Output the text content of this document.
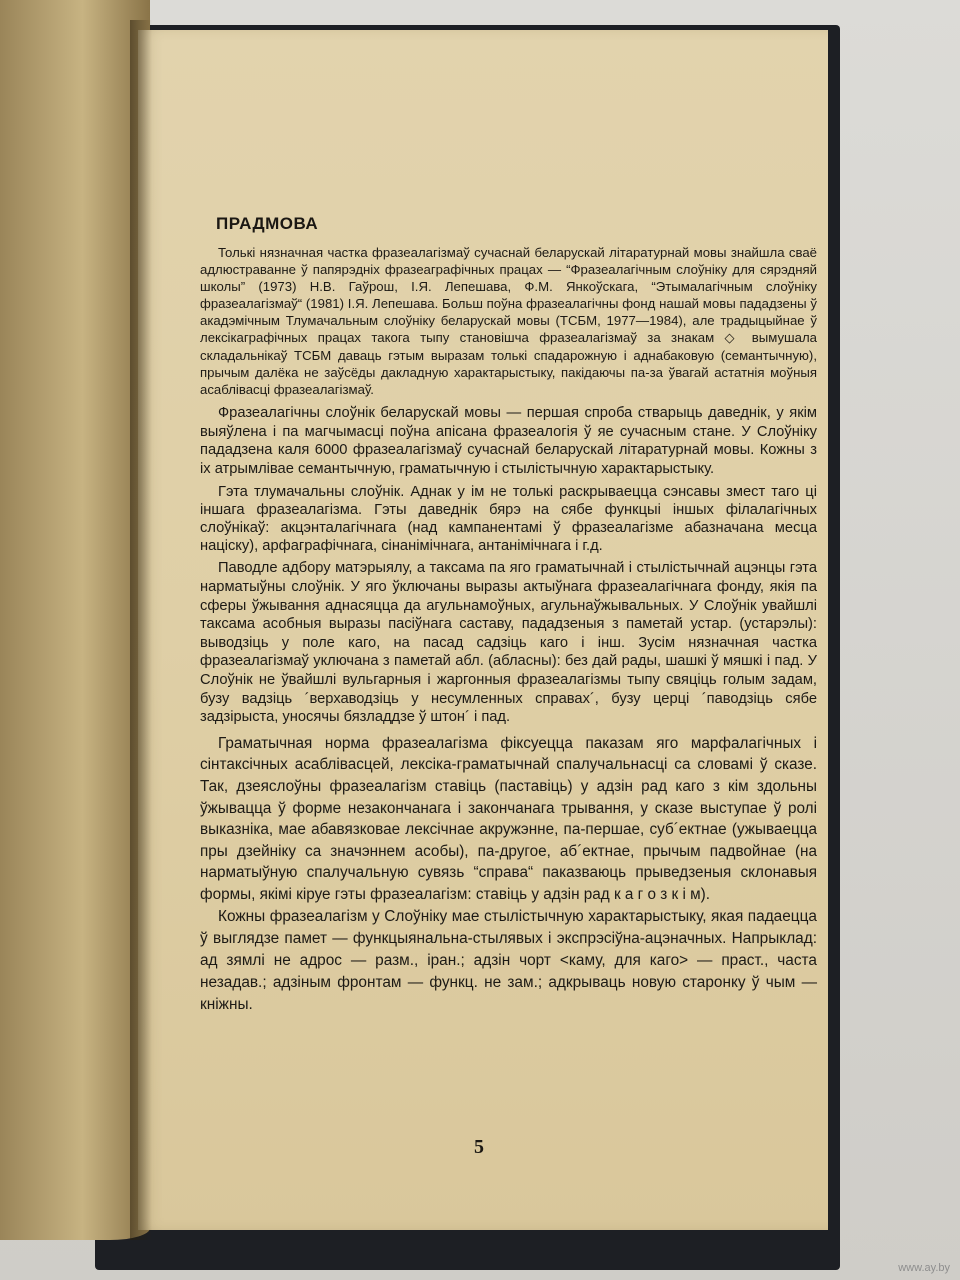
ПРАДМОВА

Толькі нязначная частка фразеалагізмаў сучаснай беларускай літаратурнай мовы знайшла сваё адлюстраванне ў папярэдніх фразеаграфічных працах — “Фразеалагічным слоўніку для сярэдняй школы” (1973) Н.В. Гаўрош, І.Я. Лепешава, Ф.М. Янкоўскага, “Этымалагічным слоўніку фразеалагізмаў“ (1981) І.Я. Лепешава. Больш поўна фразеалагічны фонд нашай мовы пададзены ў акадэмічным Тлумачальным слоўніку беларускай мовы (ТСБМ, 1977—1984), але традыцыйнае ў лексікаграфічных працах такога тыпу становішча фразеалагізмаў за знакам ◇ вымушала складальнікаў ТСБМ даваць гэтым выразам толькі спадарожную і аднабаковую (семантычную), прычым далёка не заўсёды дакладную характарыстыку, пакідаючы па-за ўвагай астатнія моўныя асаблівасці фразеалагізмаў.

Фразеалагічны слоўнік беларускай мовы — першая спроба стварыць даведнік, у якім выяўлена і па магчымасці поўна апісана фразеалогія ў яе сучасным стане. У Слоўніку пададзена каля 6000 фразеалагізмаў сучаснай беларускай літаратурнай мовы. Кожны з іх атрымлівае семантычную, граматычную і стылістычную характарыстыку.

Гэта тлумачальны слоўнік. Аднак у ім не толькі раскрываецца сэнсавы змест таго ці іншага фразеалагізма. Гэты даведнік бярэ на сябе функцыі іншых філалагічных слоўнікаў: акцэнталагічнага (над кампанентамі ў фразеалагізме абазначана месца націску), арфаграфічнага, сінанімічнага, антанімічнага і г.д.

Паводле адбору матэрыялу, а таксама па яго граматычнай і стылістычнай ацэнцы гэта нарматыўны слоўнік. У яго ўключаны выразы актыўнага фразеалагічнага фонду, якія па сферы ўжывання аднасяцца да агульнамоўных, агульнаўжывальных. У Слоўнік увайшлі таксама асобныя выразы пасіўнага саставу, пададзеныя з паметай устар. (устарэлы): выводзіць у поле каго, на пасад садзіць каго і інш. Зусім нязначная частка фразеалагізмаў уключана з паметай абл. (абласны): без дай рады, шашкі ў мяшкі і пад. У Слоўнік не ўвайшлі вульгарныя і жаргонныя фразеалагізмы тыпу свяціць голым задам, бузу вадзіць ´верхаводзіць у несумленных справах´, бузу церці ´паводзіць сябе задзірыста, уносячы бязладдзе ў штон´ і пад.

Граматычная норма фразеалагізма фіксуецца паказам яго марфалагічных і сінтаксічных асаблівасцей, лексіка-граматычнай спалучальнасці са словамі ў сказе. Так, дзеяслоўны фразеалагізм ставіць (паставіць) у адзін рад каго з кім здольны ўжывацца ў форме незакончанага і закончанага трывання, у сказе выступае ў ролі выказніка, мае абавязковае лексічнае акружэнне, па-першае, суб´ектнае (ужываецца пры дзейніку са значэннем асобы), па-другое, аб´ектнае, прычым падвойнае (на нарматыўную спалучальную сувязь “справа“ паказваюць прыведзеныя склонавыя формы, якімі кіруе гэты фразеалагізм: ставіць у адзін рад к а г о з к і м).

Кожны фразеалагізм у Слоўніку мае стылістычную характарыстыку, якая падаецца ў выглядзе памет — функцыянальна-стылявых і экспрэсіўна-ацэначных. Напрыклад: ад зямлі не адрос — разм., іран.; адзін чорт <каму, для каго> — праст., часта незадав.; адзіным фронтам — функц. не зам.; адкрываць новую старонку ў чым — кніжны.

5
www.ay.by
